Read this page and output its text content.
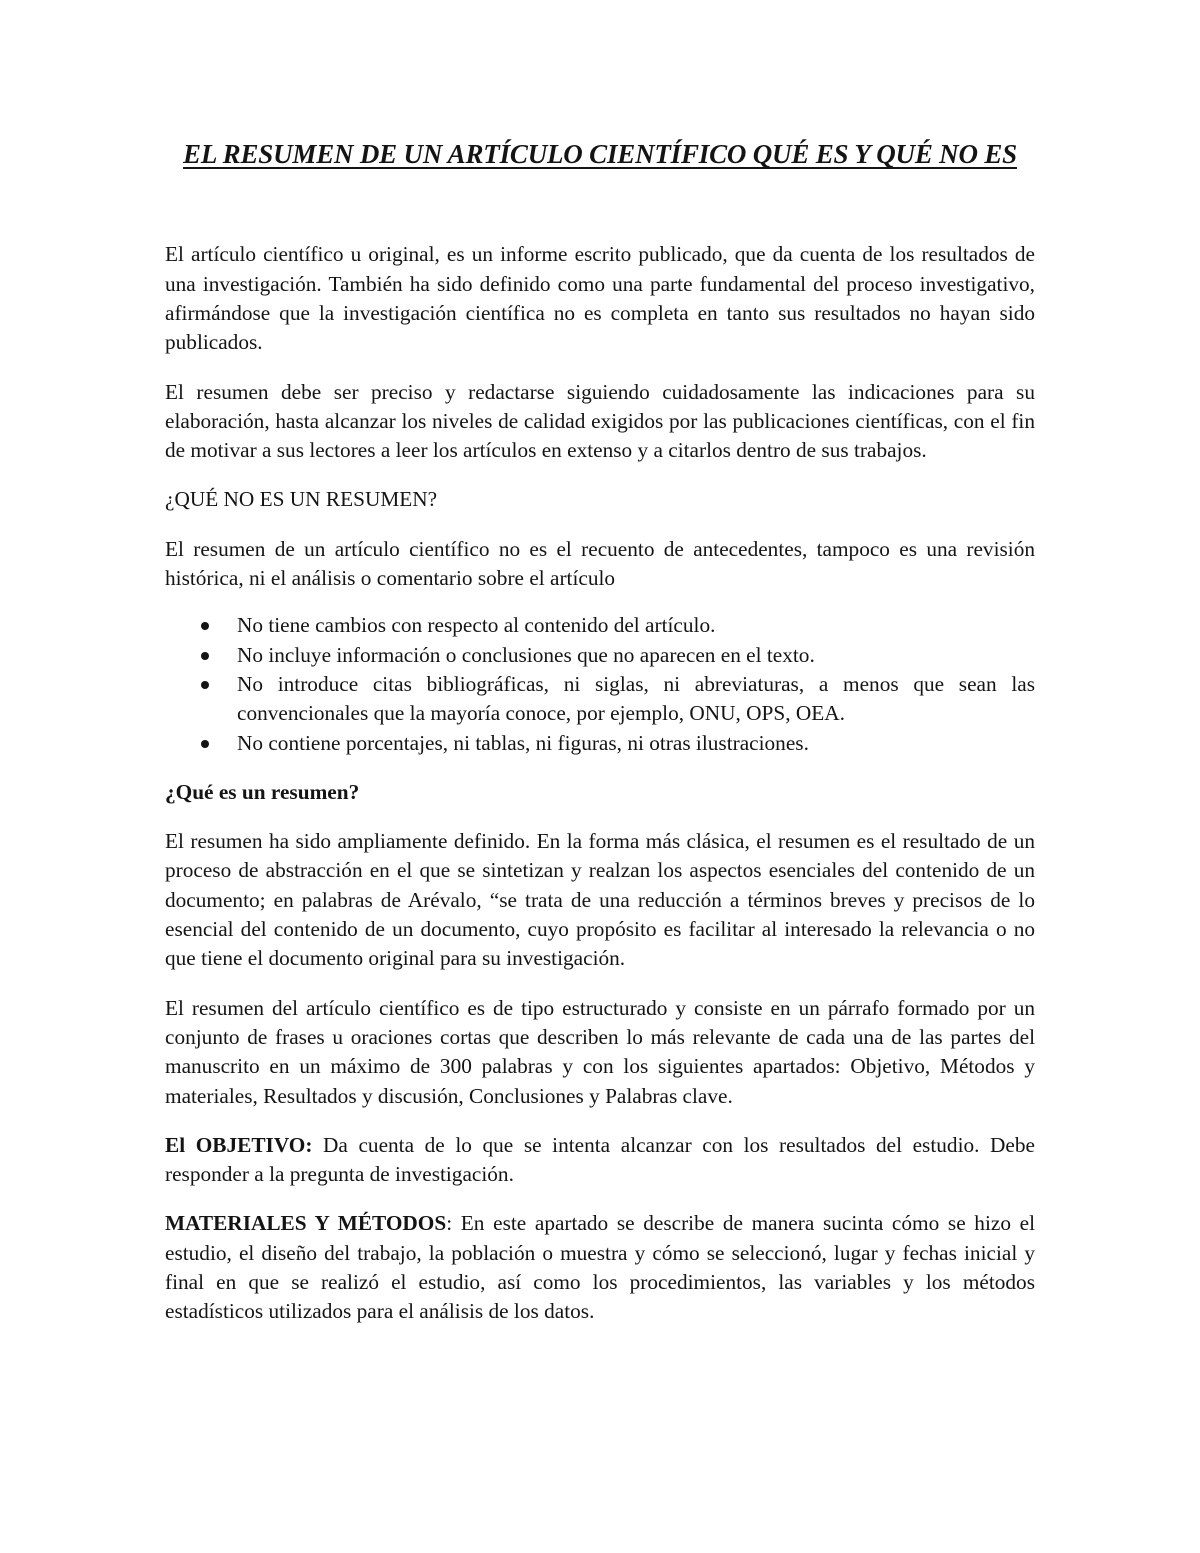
EL RESUMEN DE UN ARTÍCULO CIENTÍFICO QUÉ ES Y QUÉ NO ES

El artículo científico u original, es un informe escrito publicado, que da cuenta de los resultados de una investigación. También ha sido definido como una parte fundamental del proceso investigativo, afirmándose que la investigación científica no es completa en tanto sus resultados no hayan sido publicados.

El resumen debe ser preciso y redactarse siguiendo cuidadosamente las indicaciones para su elaboración, hasta alcanzar los niveles de calidad exigidos por las publicaciones científicas, con el fin de motivar a sus lectores a leer los artículos en extenso y a citarlos dentro de sus trabajos.

¿QUÉ NO ES UN RESUMEN?

El resumen de un artículo científico no es el recuento de antecedentes, tampoco es una revisión histórica, ni el análisis o comentario sobre el artículo

No tiene cambios con respecto al contenido del artículo.
No incluye información o conclusiones que no aparecen en el texto.
No introduce citas bibliográficas, ni siglas, ni abreviaturas, a menos que sean las convencionales que la mayoría conoce, por ejemplo, ONU, OPS, OEA.
No contiene porcentajes, ni tablas, ni figuras, ni otras ilustraciones.

¿Qué es un resumen?

El resumen ha sido ampliamente definido. En la forma más clásica, el resumen es el resultado de un proceso de abstracción en el que se sintetizan y realzan los aspectos esenciales del contenido de un documento; en palabras de Arévalo, “se trata de una reducción a términos breves y precisos de lo esencial del contenido de un documento, cuyo propósito es facilitar al interesado la relevancia o no que tiene el documento original para su investigación.

El resumen del artículo científico es de tipo estructurado y consiste en un párrafo formado por un conjunto de frases u oraciones cortas que describen lo más relevante de cada una de las partes del manuscrito en un máximo de 300 palabras y con los siguientes apartados: Objetivo, Métodos y materiales, Resultados y discusión, Conclusiones y Palabras clave.

El OBJETIVO: Da cuenta de lo que se intenta alcanzar con los resultados del estudio. Debe responder a la pregunta de investigación.

MATERIALES Y MÉTODOS: En este apartado se describe de manera sucinta cómo se hizo el estudio, el diseño del trabajo, la población o muestra y cómo se seleccionó, lugar y fechas inicial y final en que se realizó el estudio, así como los procedimientos, las variables y los métodos estadísticos utilizados para el análisis de los datos.
